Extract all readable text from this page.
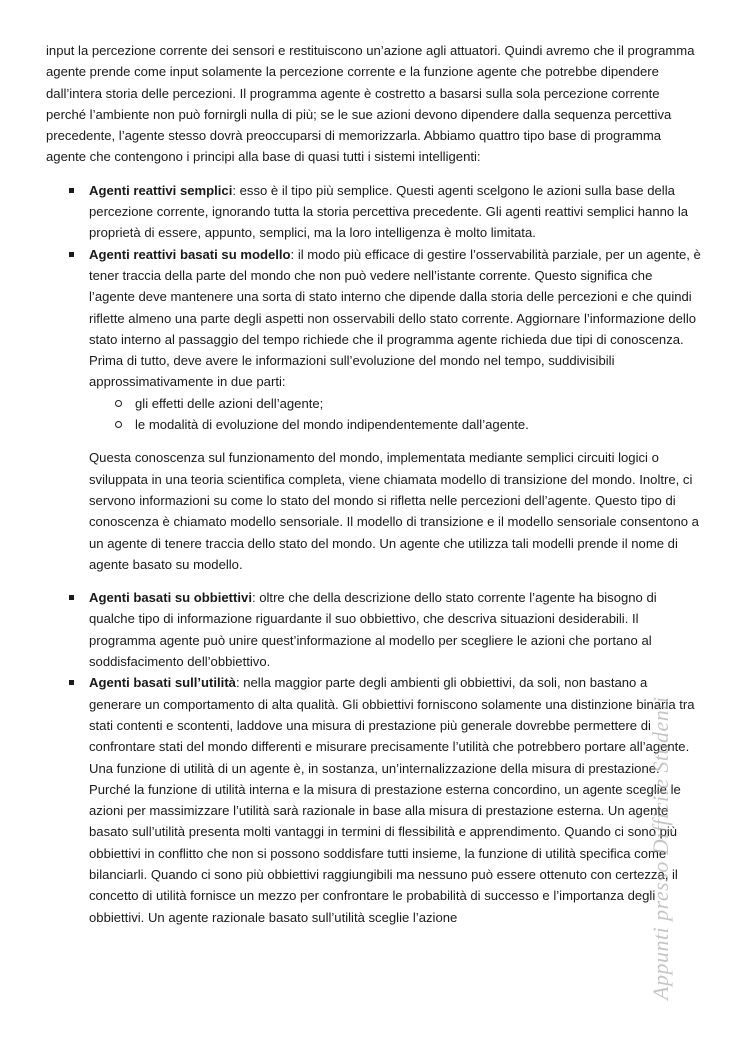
input la percezione corrente dei sensori e restituiscono un’azione agli attuatori. Quindi avremo che il programma agente prende come input solamente la percezione corrente e la funzione agente che potrebbe dipendere dall’intera storia delle percezioni. Il programma agente è costretto a basarsi sulla sola percezione corrente perché l’ambiente non può fornirgli nulla di più; se le sue azioni devono dipendere dalla sequenza percettiva precedente, l’agente stesso dovrà preoccuparsi di memorizzarla. Abbiamo quattro tipo base di programma agente che contengono i principi alla base di quasi tutti i sistemi intelligenti:

Agenti reattivi semplici: esso è il tipo più semplice. Questi agenti scelgono le azioni sulla base della percezione corrente, ignorando tutta la storia percettiva precedente. Gli agenti reattivi semplici hanno la proprietà di essere, appunto, semplici, ma la loro intelligenza è molto limitata.
Agenti reattivi basati su modello: il modo più efficace di gestire l’osservabilità parziale, per un agente, è tener traccia della parte del mondo che non può vedere nell’istante corrente. Questo significa che l’agente deve mantenere una sorta di stato interno che dipende dalla storia delle percezioni e che quindi riflette almeno una parte degli aspetti non osservabili dello stato corrente. Aggiornare l’informazione dello stato interno al passaggio del tempo richiede che il programma agente richieda due tipi di conoscenza. Prima di tutto, deve avere le informazioni sull’evoluzione del mondo nel tempo, suddivisibili approssimativamente in due parti:
gli effetti delle azioni dell’agente;
le modalità di evoluzione del mondo indipendentemente dall’agente.

Questa conoscenza sul funzionamento del mondo, implementata mediante semplici circuiti logici o sviluppata in una teoria scientifica completa, viene chiamata modello di transizione del mondo. Inoltre, ci servono informazioni su come lo stato del mondo si rifletta nelle percezioni dell’agente. Questo tipo di conoscenza è chiamato modello sensoriale. Il modello di transizione e il modello sensoriale consentono a un agente di tenere traccia dello stato del mondo. Un agente che utilizza tali modelli prende il nome di agente basato su modello.

Agenti basati su obbiettivi: oltre che della descrizione dello stato corrente l’agente ha bisogno di qualche tipo di informazione riguardante il suo obbiettivo, che descriva situazioni desiderabili. Il programma agente può unire quest’informazione al modello per scegliere le azioni che portano al soddisfacimento dell’obbiettivo.
Agenti basati sull’utilità: nella maggior parte degli ambienti gli obbiettivi, da soli, non bastano a generare un comportamento di alta qualità. Gli obbiettivi forniscono solamente una distinzione binaria tra stati contenti e scontenti, laddove una misura di prestazione più generale dovrebbe permettere di confrontare stati del mondo differenti e misurare precisamente l’utilità che potrebbero portare all’agente. Una funzione di utilità di un agente è, in sostanza, un’internalizzazione della misura di prestazione. Purché la funzione di utilità interna e la misura di prestazione esterna concordino, un agente sceglie le azioni per massimizzare l’utilità sarà razionale in base alla misura di prestazione esterna. Un agente basato sull’utilità presenta molti vantaggi in termini di flessibilità e apprendimento. Quando ci sono più obbiettivi in conflitto che non si possono soddisfare tutti insieme, la funzione di utilità specifica come bilanciarli. Quando ci sono più obbiettivi raggiungibili ma nessuno può essere ottenuto con certezza, il concetto di utilità fornisce un mezzo per confrontare le probabilità di successo e l’importanza degli obbiettivi. Un agente razionale basato sull’utilità sceglie l’azione	Appunti presso Difficile Studenti
